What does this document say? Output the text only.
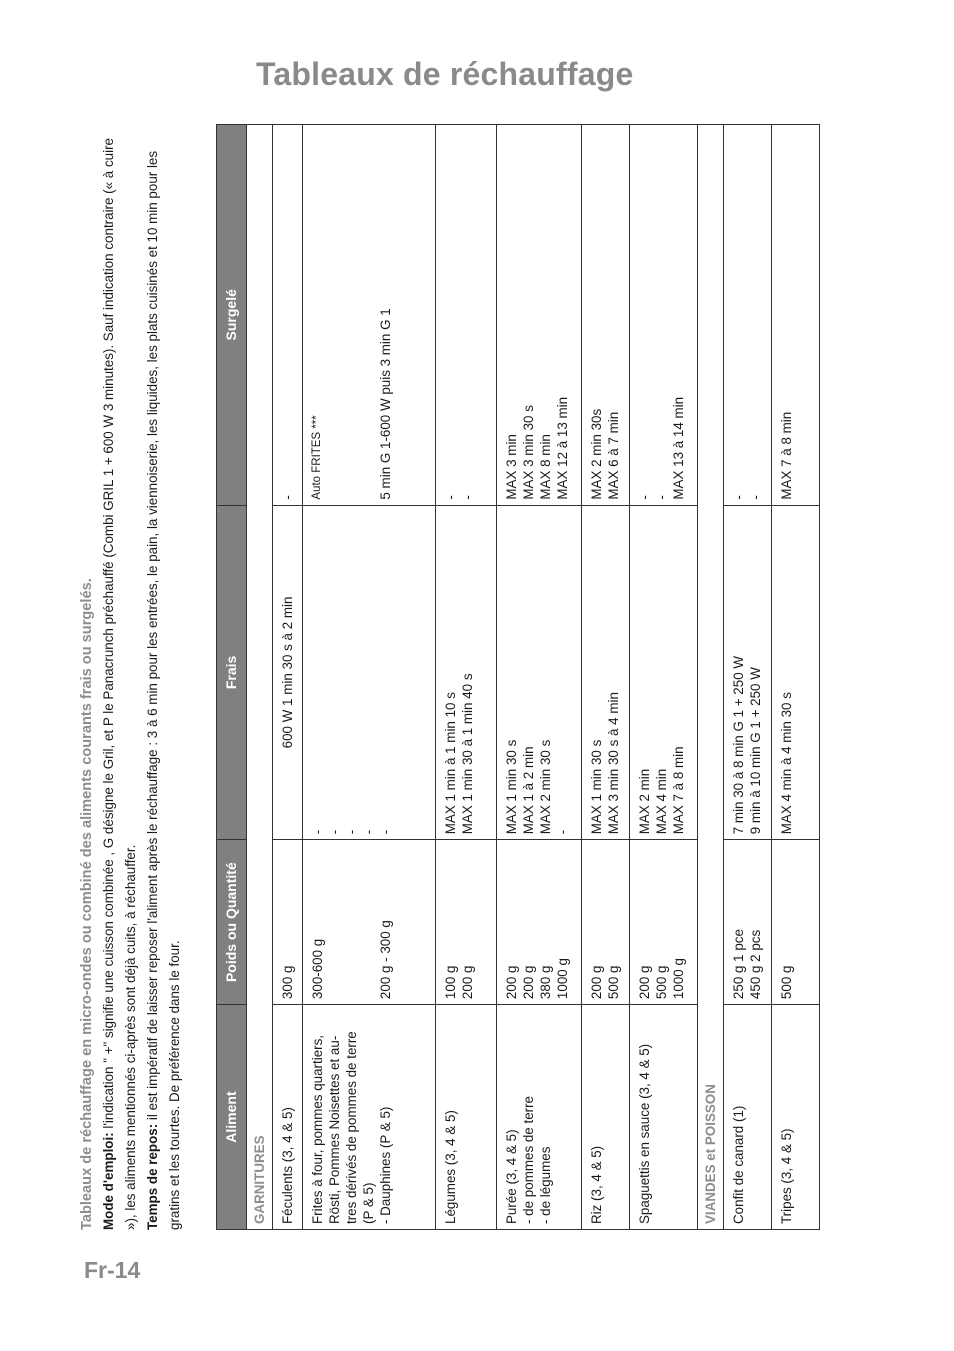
Tableaux de réchauffage

Tableaux de réchauffage en micro-ondes ou combiné des aliments courants frais ou surgelés. Mode d'emploi: l'indication " +" signifie une cuisson combinée , G désigne le Gril, et P le Panacrunch préchauffé (Combi GRIL 1 + 600 W 3 minutes). Sauf indication contraire (« à cuire »), les aliments mentionnés ci-après sont déjà cuits, à réchauffer. Temps de repos: il est impératif de laisser reposer l'aliment après le réchauffage : 3 à 6 min pour les entrées, le pain, la viennoiserie, les liquides, les plats cuisinés et 10 min pour les gratins et les tourtes. De préférence dans le four.	Aliment	Poids ou Quantité	Frais	Surgelé
GARNITURES			

Féculents (3, 4 & 5)	300 g	600 W 1 min 30 s à 2 min	-

Frites à four, pommes quartiers, Rösti, Pommes Noisettes et au- tres dérivés de pommes de terre (P & 5) - Dauphines (P & 5)	300-600 g 200 g - 300 g	- - - - -	Auto FRITES *** 5 min G 1-600 W puis 3 min G 1

Légumes (3, 4 & 5)	100 g 200 g	MAX 1 min à 1 min 10 s MAX 1 min 30 à 1 min 40 s	- -

Purée (3, 4 & 5) - de pommes de terre - de légumes	200 g 200 g 380 g 1000 g	MAX 1 min 30 s MAX 1 à 2 min MAX 2 min 30 s -	MAX 3 min MAX 3 min 30 s MAX 8 min MAX 12 à 13 min

Riz (3, 4 & 5)	200 g 500 g	MAX 1 min 30 s MAX 3 min 30 s à 4 min	MAX 2 min 30s MAX 6 à 7 min

Spaguettis en sauce (3, 4 & 5)	200 g 500 g 1000 g	MAX 2 min MAX 4 min MAX 7 à 8 min	- - MAX 13 à 14 min

VIANDES et POISSON			

Confit de canard (1)	250 g 1 pce 450 g 2 pcs	7 min 30 à 8 min G 1 + 250 W 9 min à 10 min G 1 + 250 W	- -

Tripes (3, 4 & 5)	500 g	MAX 4 min à 4 min 30 s	MAX 7 à 8 min
Fr-14
